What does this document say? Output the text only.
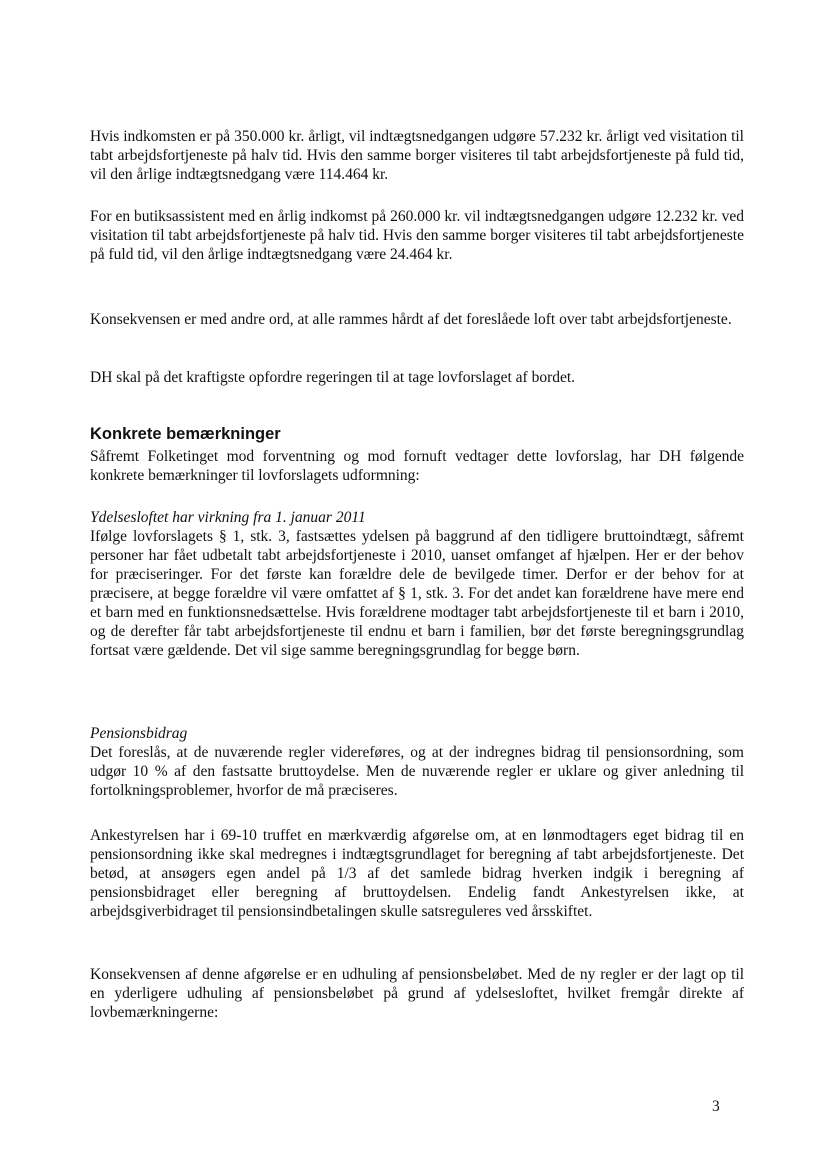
Hvis indkomsten er på 350.000 kr. årligt, vil indtægtsnedgangen udgøre 57.232 kr. årligt ved visitation til tabt arbejdsfortjeneste på halv tid. Hvis den samme borger visiteres til tabt arbejdsfortjeneste på fuld tid, vil den årlige indtægtsnedgang være 114.464 kr.

For en butiksassistent med en årlig indkomst på 260.000 kr. vil indtægtsnedgangen udgøre 12.232 kr. ved visitation til tabt arbejdsfortjeneste på halv tid. Hvis den samme borger visiteres til tabt arbejdsfortjeneste på fuld tid, vil den årlige indtægtsnedgang være 24.464 kr.

Konsekvensen er med andre ord, at alle rammes hårdt af det foreslåede loft over tabt arbejdsfortjeneste.

DH skal på det kraftigste opfordre regeringen til at tage lovforslaget af bordet.

Konkrete bemærkninger

Såfremt Folketinget mod forventning og mod fornuft vedtager dette lovforslag, har DH følgende konkrete bemærkninger til lovforslagets udformning:

Ydelsesloftet har virkning fra 1. januar 2011
Ifølge lovforslagets § 1, stk. 3, fastsættes ydelsen på baggrund af den tidligere bruttoindtægt, såfremt personer har fået udbetalt tabt arbejdsfortjeneste i 2010, uanset omfanget af hjælpen. Her er der behov for præciseringer. For det første kan forældre dele de bevilgede timer. Derfor er der behov for at præcisere, at begge forældre vil være omfattet af § 1, stk. 3. For det andet kan forældrene have mere end et barn med en funktionsnedsættelse. Hvis forældrene modtager tabt arbejdsfortjeneste til et barn i 2010, og de derefter får tabt arbejdsfortjeneste til endnu et barn i familien, bør det første beregningsgrundlag fortsat være gældende. Det vil sige samme beregningsgrundlag for begge børn.
Pensionsbidrag
Det foreslås, at de nuværende regler videreføres, og at der indregnes bidrag til pensionsordning, som udgør 10 % af den fastsatte bruttoydelse. Men de nuværende regler er uklare og giver anledning til fortolkningsproblemer, hvorfor de må præciseres.

Ankestyrelsen har i 69-10 truffet en mærkværdig afgørelse om, at en lønmodtagers eget bidrag til en pensionsordning ikke skal medregnes i indtægtsgrundlaget for beregning af tabt arbejdsfortjeneste. Det betød, at ansøgers egen andel på 1/3 af det samlede bidrag hverken indgik i beregning af pensionsbidraget eller beregning af bruttoydelsen. Endelig fandt Ankestyrelsen ikke, at arbejdsgiverbidraget til pensionsindbetalingen skulle satsreguleres ved årsskiftet.

Konsekvensen af denne afgørelse er en udhuling af pensionsbeløbet. Med de ny regler er der lagt op til en yderligere udhuling af pensionsbeløbet på grund af ydelsesloftet, hvilket fremgår direkte af lovbemærkningerne:

3
